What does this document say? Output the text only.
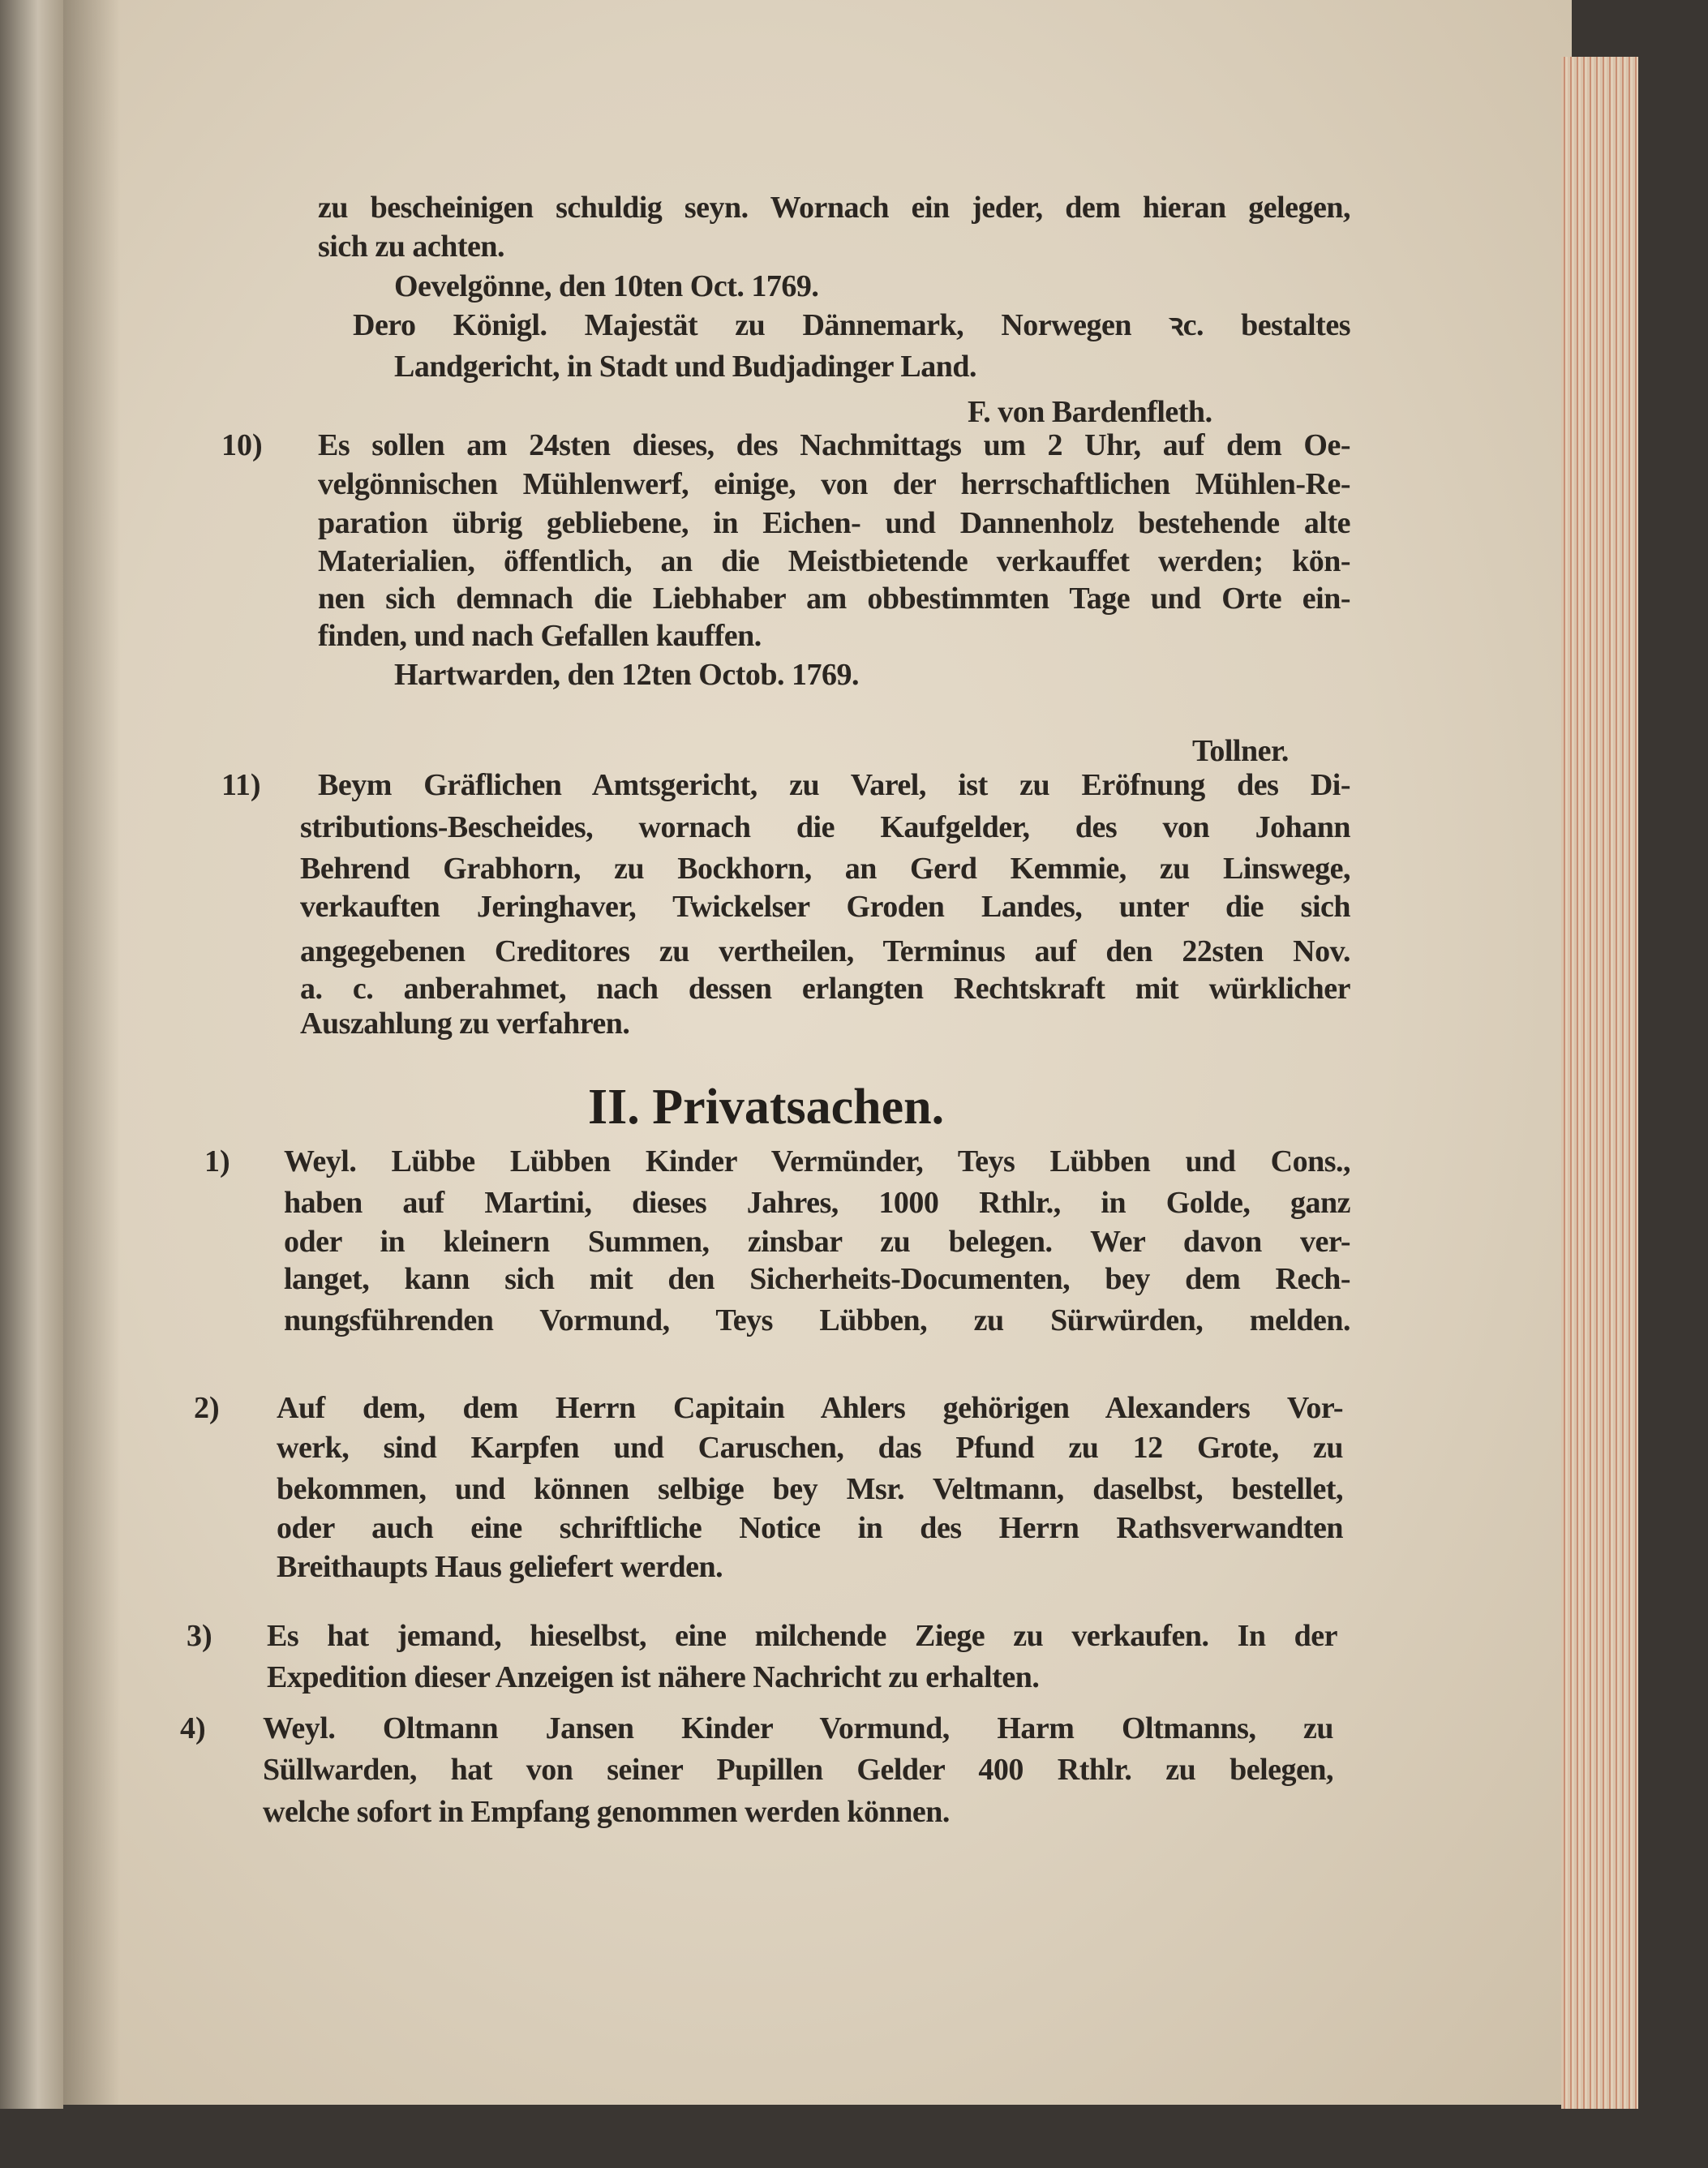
zu bescheinigen schuldig seyn. Wornach ein jeder, dem hieran gelegen,
sich zu achten.
Oevelgönne, den 10ten Oct. 1769.
Dero Königl. Majestät zu Dännemark, Norwegen ꝛc. bestaltes
Landgericht, in Stadt und Budjadinger Land.
F. von Bardenfleth.
10) Es sollen am 24sten dieses, des Nachmittags um 2 Uhr, auf dem Oe-
velgönnischen Mühlenwerf, einige, von der herrschaftlichen Mühlen-Re-
paration übrig gebliebene, in Eichen- und Dannenholz bestehende alte
Materialien, öffentlich, an die Meistbietende verkauffet werden; kön-
nen sich demnach die Liebhaber am obbestimmten Tage und Orte ein-
finden, und nach Gefallen kauffen.
Hartwarden, den 12ten Octob. 1769.
Tollner.
11) Beym Gräflichen Amtsgericht, zu Varel, ist zu Eröfnung des Di-
stributions-Bescheides, wornach die Kaufgelder, des von Johann
Behrend Grabhorn, zu Bockhorn, an Gerd Kemmie, zu Linswege,
verkauften Jeringhaver, Twickelser Groden Landes, unter die sich
angegebenen Creditores zu vertheilen, Terminus auf den 22sten Nov.
a. c. anberahmet, nach dessen erlangten Rechtskraft mit würklicher
Auszahlung zu verfahren.
II. Privatsachen.
1) Weyl. Lübbe Lübben Kinder Vermünder, Teys Lübben und Cons.,
haben auf Martini, dieses Jahres, 1000 Rthlr., in Golde, ganz
oder in kleinern Summen, zinsbar zu belegen. Wer davon ver-
langet, kann sich mit den Sicherheits-Documenten, bey dem Rech-
nungsführenden Vormund, Teys Lübben, zu Sürwürden, melden.
2) Auf dem, dem Herrn Capitain Ahlers gehörigen Alexanders Vor-
werk, sind Karpfen und Caruschen, das Pfund zu 12 Grote, zu
bekommen, und können selbige bey Msr. Veltmann, daselbst, bestellet,
oder auch eine schriftliche Notice in des Herrn Rathsverwandten
Breithaupts Haus geliefert werden.
3) Es hat jemand, hieselbst, eine milchende Ziege zu verkaufen. In der
Expedition dieser Anzeigen ist nähere Nachricht zu erhalten.
4) Weyl. Oltmann Jansen Kinder Vormund, Harm Oltmanns, zu
Süllwarden, hat von seiner Pupillen Gelder 400 Rthlr. zu belegen,
welche sofort in Empfang genommen werden können.
